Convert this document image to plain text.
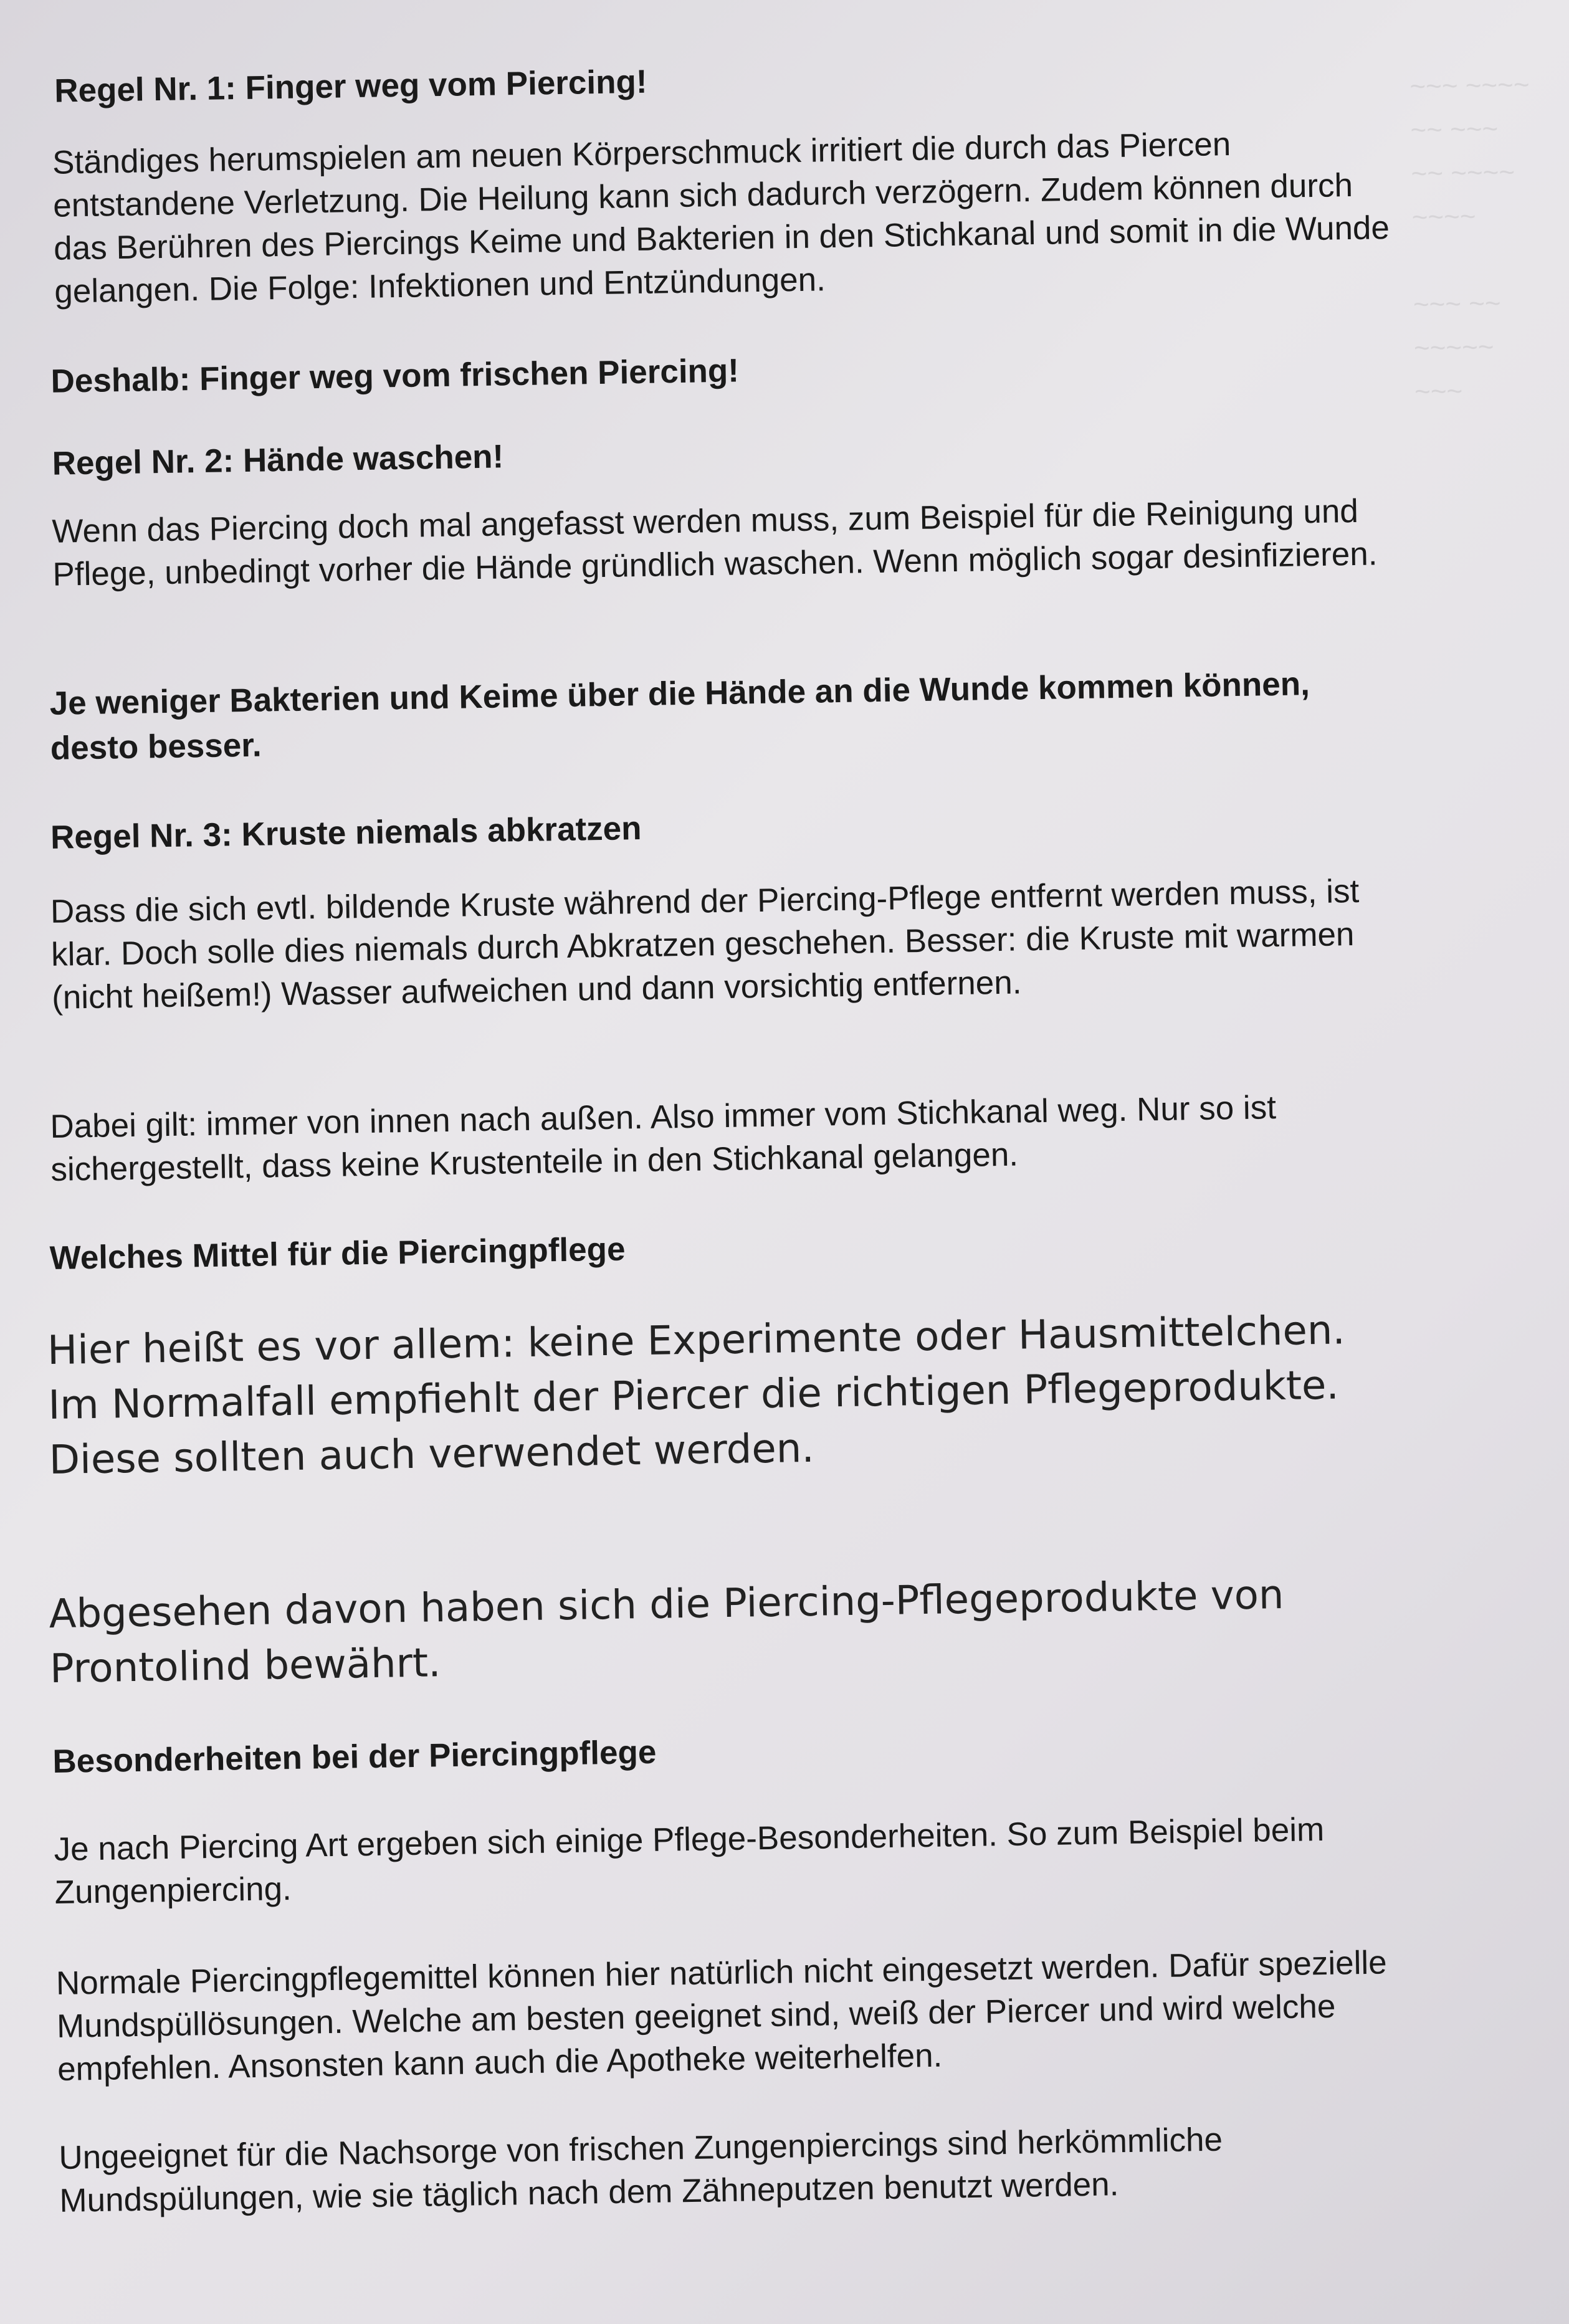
~~~ ~~~~
~~ ~~~
~~ ~~~~
~~~~

~~~ ~~
~~~~~
~~~
Regel Nr. 1: Finger weg vom Piercing!

Ständiges herumspielen am neuen Körperschmuck irritiert die durch das Piercen entstandene Verletzung. Die Heilung kann sich dadurch verzögern. Zudem können durch das Berühren des Piercings Keime und Bakterien in den Stichkanal und somit in die Wunde gelangen. Die Folge: Infektionen und Entzündungen.

Deshalb: Finger weg vom frischen Piercing!

Regel Nr. 2: Hände waschen!

Wenn das Piercing doch mal angefasst werden muss, zum Beispiel für die Reinigung und Pflege, unbedingt vorher die Hände gründlich waschen. Wenn möglich sogar desinfizieren.

Je weniger Bakterien und Keime über die Hände an die Wunde kommen können, desto besser.

Regel Nr. 3: Kruste niemals abkratzen

Dass die sich evtl. bildende Kruste während der Piercing-Pflege entfernt werden muss, ist klar. Doch solle dies niemals durch Abkratzen geschehen. Besser: die Kruste mit warmen (nicht heißem!) Wasser aufweichen und dann vorsichtig entfernen.

Dabei gilt: immer von innen nach außen. Also immer vom Stichkanal weg. Nur so ist sichergestellt, dass keine Krustenteile in den Stichkanal gelangen.

Welches Mittel für die Piercingpflege

Hier heißt es vor allem: keine Experimente oder Hausmittelchen. Im Normalfall empfiehlt der Piercer die richtigen Pflegeprodukte. Diese sollten auch verwendet werden.

Abgesehen davon haben sich die Piercing-Pflegeprodukte von Prontolind bewährt.

Besonderheiten bei der Piercingpflege

Je nach Piercing Art ergeben sich einige Pflege-Besonderheiten. So zum Beispiel beim Zungenpiercing.

Normale Piercingpflegemittel können hier natürlich nicht eingesetzt werden. Dafür spezielle Mundspüllösungen. Welche am besten geeignet sind, weiß der Piercer und wird welche empfehlen. Ansonsten kann auch die Apotheke weiterhelfen.

Ungeeignet für die Nachsorge von frischen Zungenpiercings sind herkömmliche Mundspülungen, wie sie täglich nach dem Zähneputzen benutzt werden.
